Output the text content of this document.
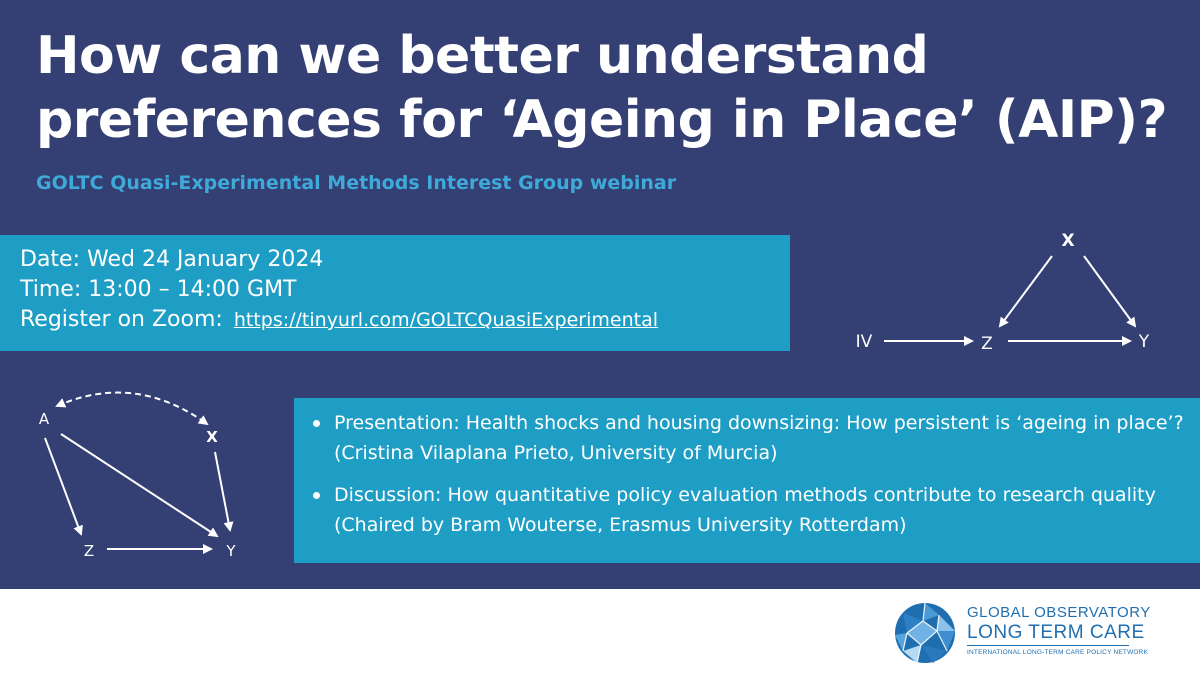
How can we better understand
preferences for ‘Ageing in Place’ (AIP)?
GOLTC Quasi-Experimental Methods Interest Group webinar
Date: Wed 24 January 2024
Time: 13:00 – 14:00 GMT
Register on Zoom: https://tinyurl.com/GOLTCQuasiExperimental
X
IV	Z	Y
A
X
Z	Y
Presentation: Health shocks and housing downsizing: How persistent is ‘ageing in place’? (Cristina Vilaplana Prieto, University of Murcia)
Discussion: How quantitative policy evaluation methods contribute to research quality (Chaired by Bram Wouterse, Erasmus University Rotterdam)
GLOBAL OBSERVATORY
LONG TERM CARE
INTERNATIONAL LONG-TERM CARE POLICY NETWORK
